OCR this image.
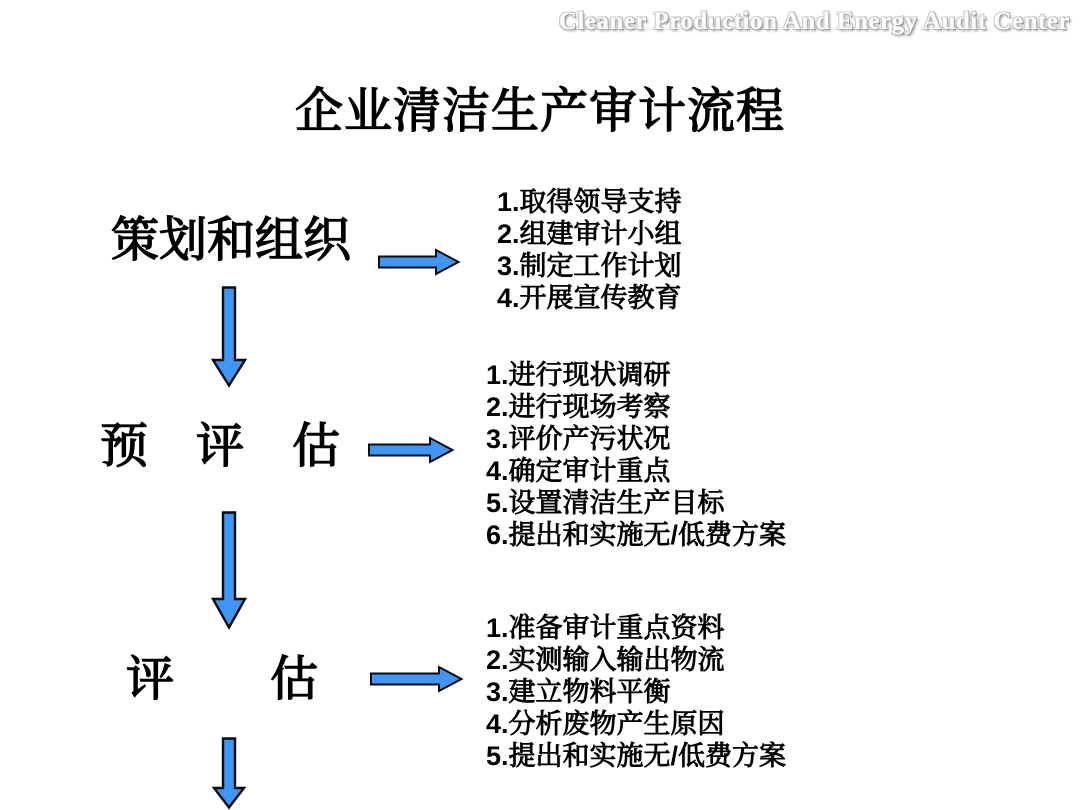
Cleaner Production And Energy Audit Center
企业清洁生产审计流程
策划和组织
1.取得领导支持
2.组建审计小组
3.制定工作计划
4.开展宣传教育
预　评　估
1.进行现状调研
2.进行现场考察
3.评价产污状况
4.确定审计重点
5.设置清洁生产目标
6.提出和实施无/低费方案
评　　估
1.准备审计重点资料
2.实测输入输出物流
3.建立物料平衡
4.分析废物产生原因
5.提出和实施无/低费方案
